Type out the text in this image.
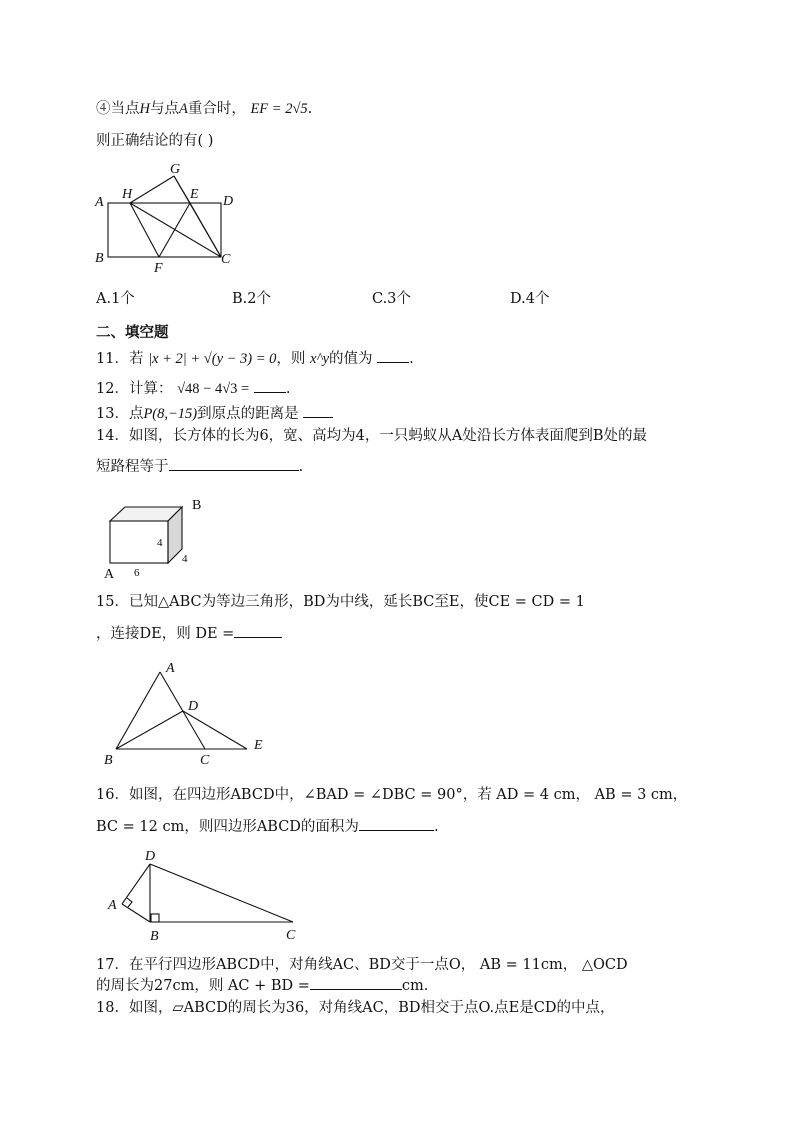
④当点H与点A重合时， EF = 2√5.
则正确结论的有( )
G
H	E
A	D
B
F
C
A.1个	B.2个	C.3个	D.4个
二、填空题
11．若 |x + 2| + √(y − 3) = 0，则 x^y的值为	.
12．计算： √48 − 4√3 =	.
13．点P(8,−15)到原点的距离是
14．如图，长方体的长为6，宽、高均为4，一只蚂蚁从A处沿长方体表面爬到B处的最
短路程等于	.
B
4
4
A 6
15．已知△ABC为等边三角形，BD为中线，延长BC至E，使CE = CD = 1
，连接DE，则 DE =
A
D
B	C
E
16．如图，在四边形ABCD中，∠BAD = ∠DBC = 90°，若 AD = 4 cm， AB = 3 cm，
BC = 12 cm，则四边形ABCD的面积为	.
D
A
B	C
17．在平行四边形ABCD中，对角线AC、BD交于一点O， AB = 11cm， △OCD
的周长为27cm，则 AC + BD =	cm.
18．如图，▱ABCD的周长为36，对角线AC，BD相交于点O.点E是CD的中点，
